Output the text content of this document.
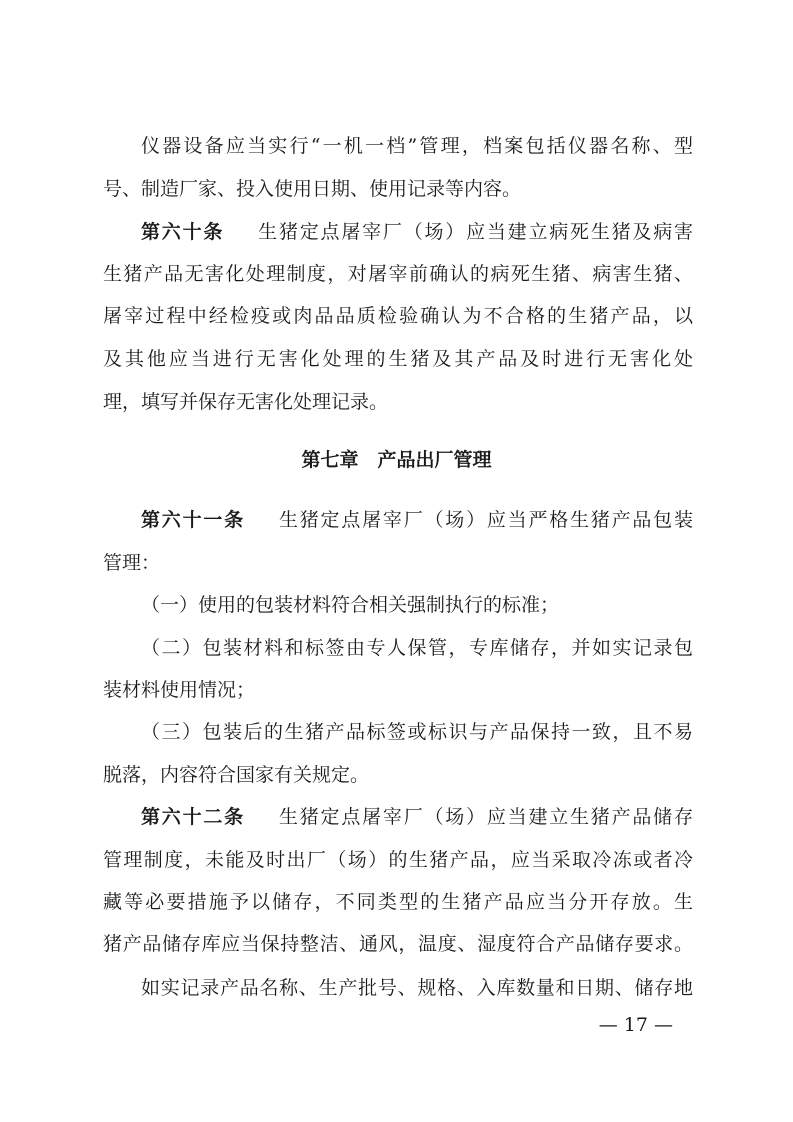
仪器设备应当实行“一机一档”管理，档案包括仪器名称、型
号、制造厂家、投入使用日期、使用记录等内容。
第六十条 生猪定点屠宰厂（场）应当建立病死生猪及病害
生猪产品无害化处理制度，对屠宰前确认的病死生猪、病害生猪、
屠宰过程中经检疫或肉品品质检验确认为不合格的生猪产品，以
及其他应当进行无害化处理的生猪及其产品及时进行无害化处
理，填写并保存无害化处理记录。
第六十一条 生猪定点屠宰厂（场）应当严格生猪产品包装
管理：
（一）使用的包装材料符合相关强制执行的标准；
（二）包装材料和标签由专人保管，专库储存，并如实记录包
装材料使用情况；
（三）包装后的生猪产品标签或标识与产品保持一致，且不易
脱落，内容符合国家有关规定。
第六十二条 生猪定点屠宰厂（场）应当建立生猪产品储存
管理制度，未能及时出厂（场）的生猪产品，应当采取冷冻或者冷
藏等必要措施予以储存，不同类型的生猪产品应当分开存放。生
猪产品储存库应当保持整洁、通风，温度、湿度符合产品储存要求。
如实记录产品名称、生产批号、规格、入库数量和日期、储存地
第七章　产品出厂管理
— 17 —
